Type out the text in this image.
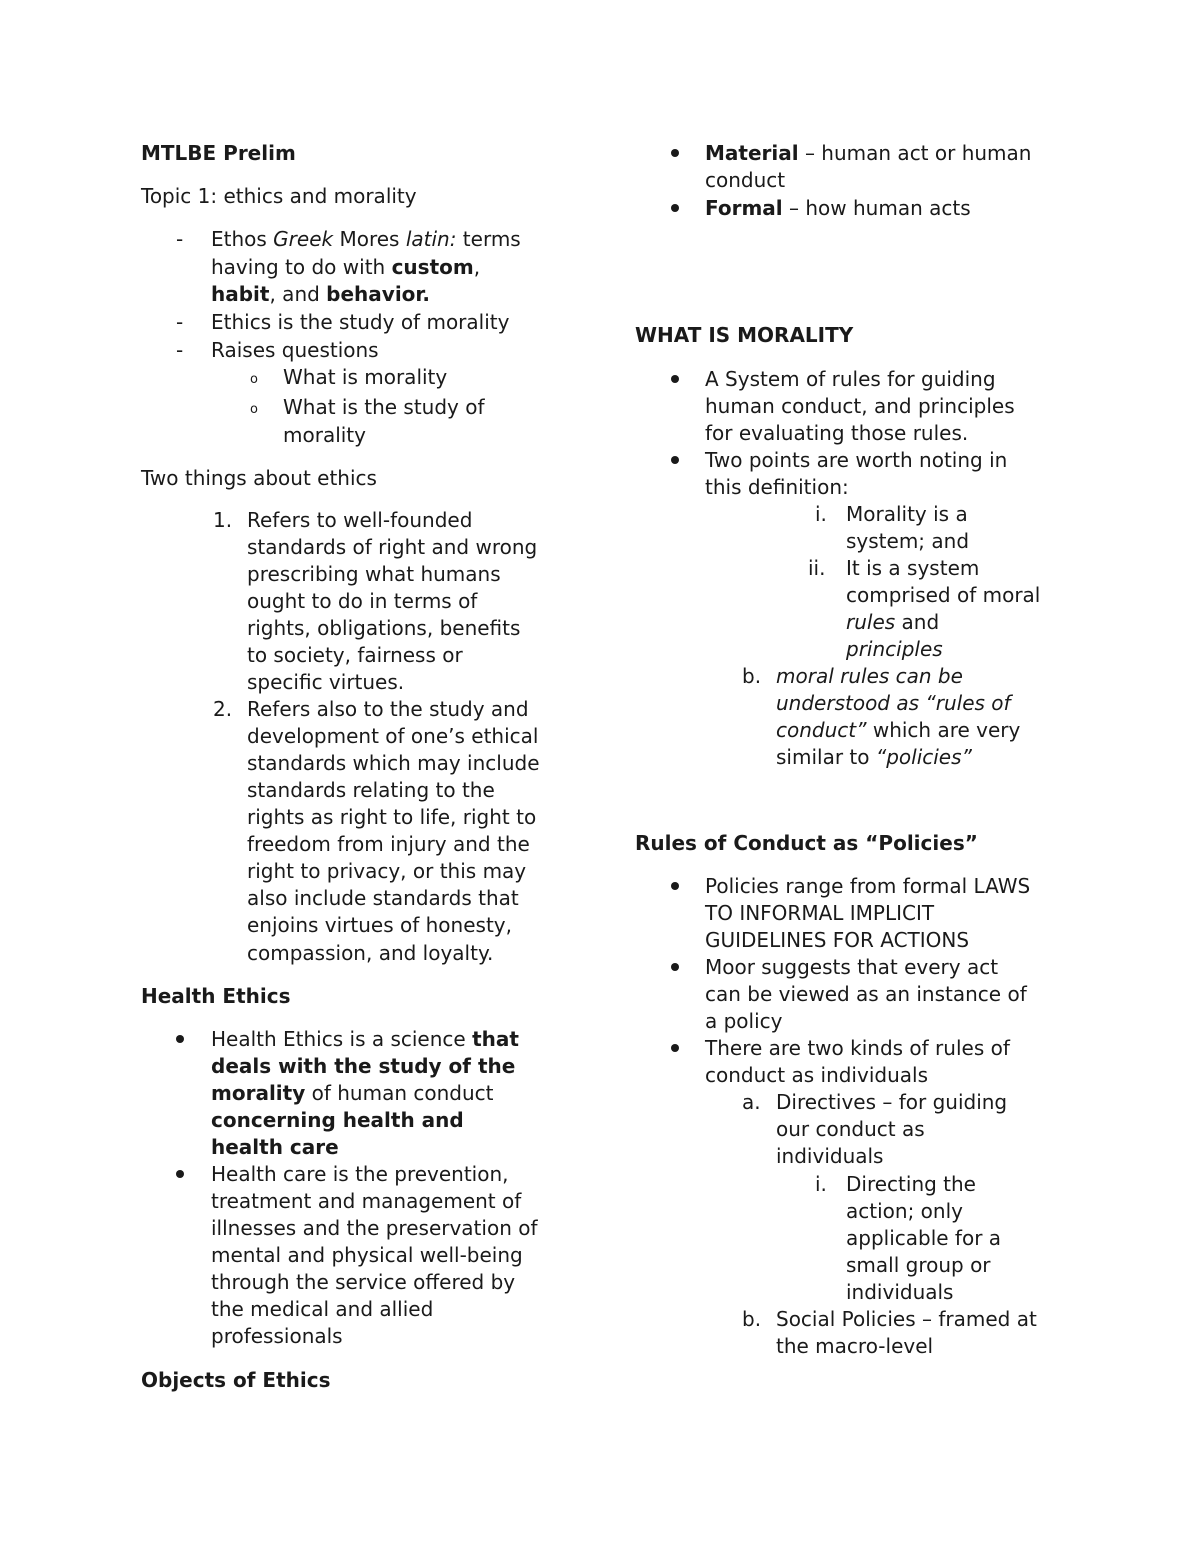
MTLBE Prelim
Topic 1: ethics and morality
- Ethos Greek Mores latin: terms
having to do with custom,
habit, and behavior.
- Ethics is the study of morality
- Raises questions
o What is morality
o What is the study of
morality
Two things about ethics
1. Refers to well-founded
standards of right and wrong
prescribing what humans
ought to do in terms of
rights, obligations, benefits
to society, fairness or
specific virtues.
2. Refers also to the study and
development of one’s ethical
standards which may include
standards relating to the
rights as right to life, right to
freedom from injury and the
right to privacy, or this may
also include standards that
enjoins virtues of honesty,
compassion, and loyalty.
Health Ethics
Health Ethics is a science that
deals with the study of the
morality of human conduct
concerning health and
health care
Health care is the prevention,
treatment and management of
illnesses and the preservation of
mental and physical well-being
through the service offered by
the medical and allied
professionals
Objects of Ethics
Material – human act or human
conduct
Formal – how human acts
WHAT IS MORALITY
A System of rules for guiding
human conduct, and principles
for evaluating those rules.
Two points are worth noting in
this definition:
i. Morality is a
system; and
ii. It is a system
comprised of moral
rules and
principles
b. moral rules can be
understood as “rules of
conduct” which are very
similar to “policies”
Rules of Conduct as “Policies”
Policies range from formal LAWS
TO INFORMAL IMPLICIT
GUIDELINES FOR ACTIONS
Moor suggests that every act
can be viewed as an instance of
a policy
There are two kinds of rules of
conduct as individuals
a. Directives – for guiding
our conduct as
individuals
i. Directing the
action; only
applicable for a
small group or
individuals
b. Social Policies – framed at
the macro-level
